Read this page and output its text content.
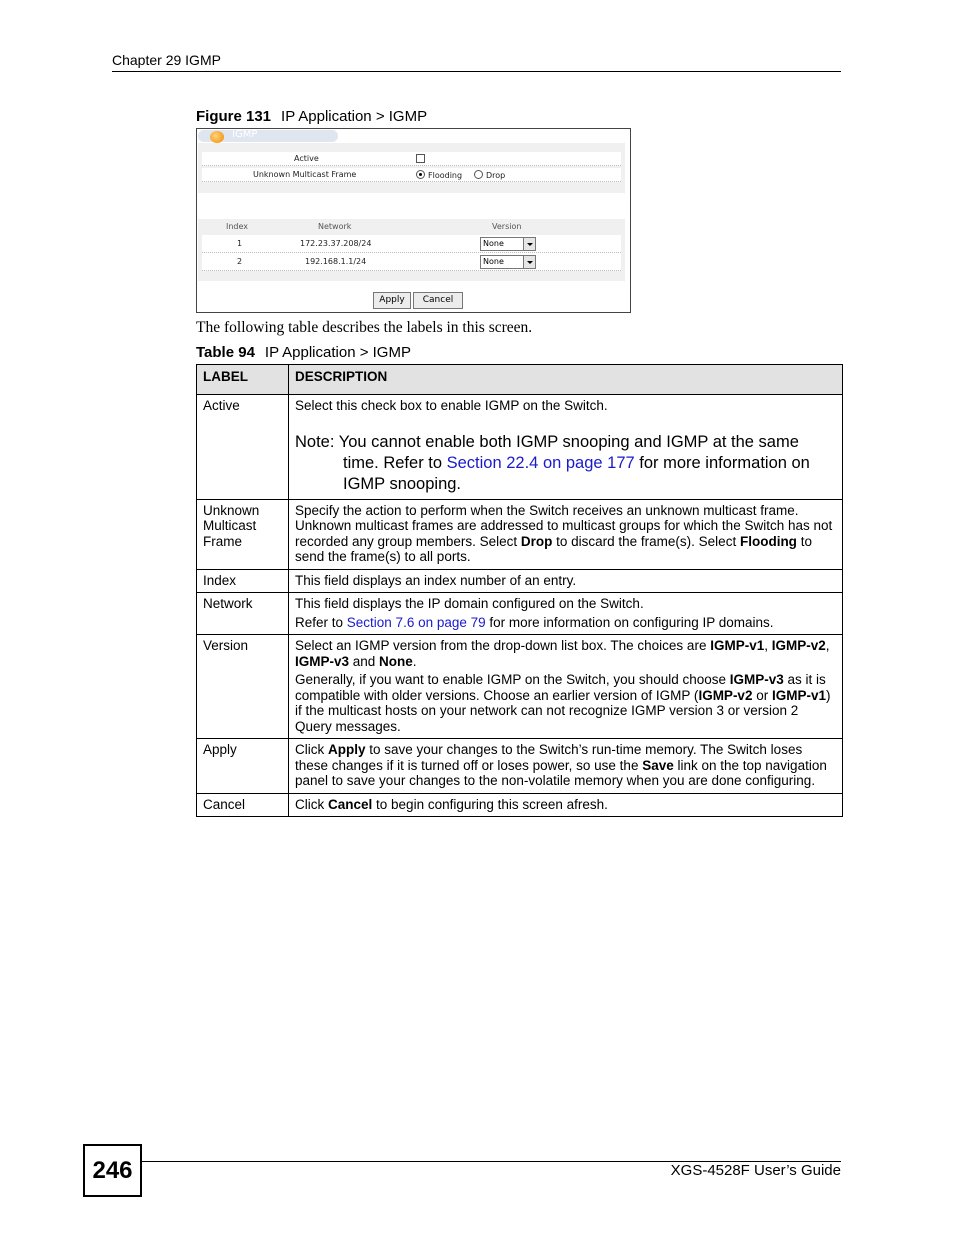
Chapter 29 IGMP
Figure 131 IP Application > IGMP
IGMP
Active
Unknown Multicast Frame	Flooding	Drop
Index	Network	Version
1	172.23.37.208/24	None
2	192.168.1.1/24	None
Apply	Cancel
The following table describes the labels in this screen.
Table 94 IP Application > IGMP
LABEL	DESCRIPTION
Active	Select this check box to enable IGMP on the Switch.
Note: You cannot enable both IGMP snooping and IGMP at the same time. Refer to Section 22.4 on page 177 for more information on IGMP snooping.

Unknown Multicast Frame	Specify the action to perform when the Switch receives an unknown multicast frame. Unknown multicast frames are addressed to multicast groups for which the Switch has not recorded any group members. Select Drop to discard the frame(s). Select Flooding to send the frame(s) to all ports.
Index	This field displays an index number of an entry.
Network	This field displays the IP domain configured on the Switch.
Refer to Section 7.6 on page 79 for more information on configuring IP domains.

Version	Select an IGMP version from the drop-down list box. The choices are IGMP-v1, IGMP-v2, IGMP-v3 and None.
Generally, if you want to enable IGMP on the Switch, you should choose IGMP-v3 as it is compatible with older versions. Choose an earlier version of IGMP (IGMP-v2 or IGMP-v1) if the multicast hosts on your network can not recognize IGMP version 3 or version 2 Query messages.

Apply	Click Apply to save your changes to the Switch’s run-time memory. The Switch loses these changes if it is turned off or loses power, so use the Save link on the top navigation panel to save your changes to the non-volatile memory when you are done configuring.
Cancel	Click Cancel to begin configuring this screen afresh.
246	XGS-4528F User’s Guide
